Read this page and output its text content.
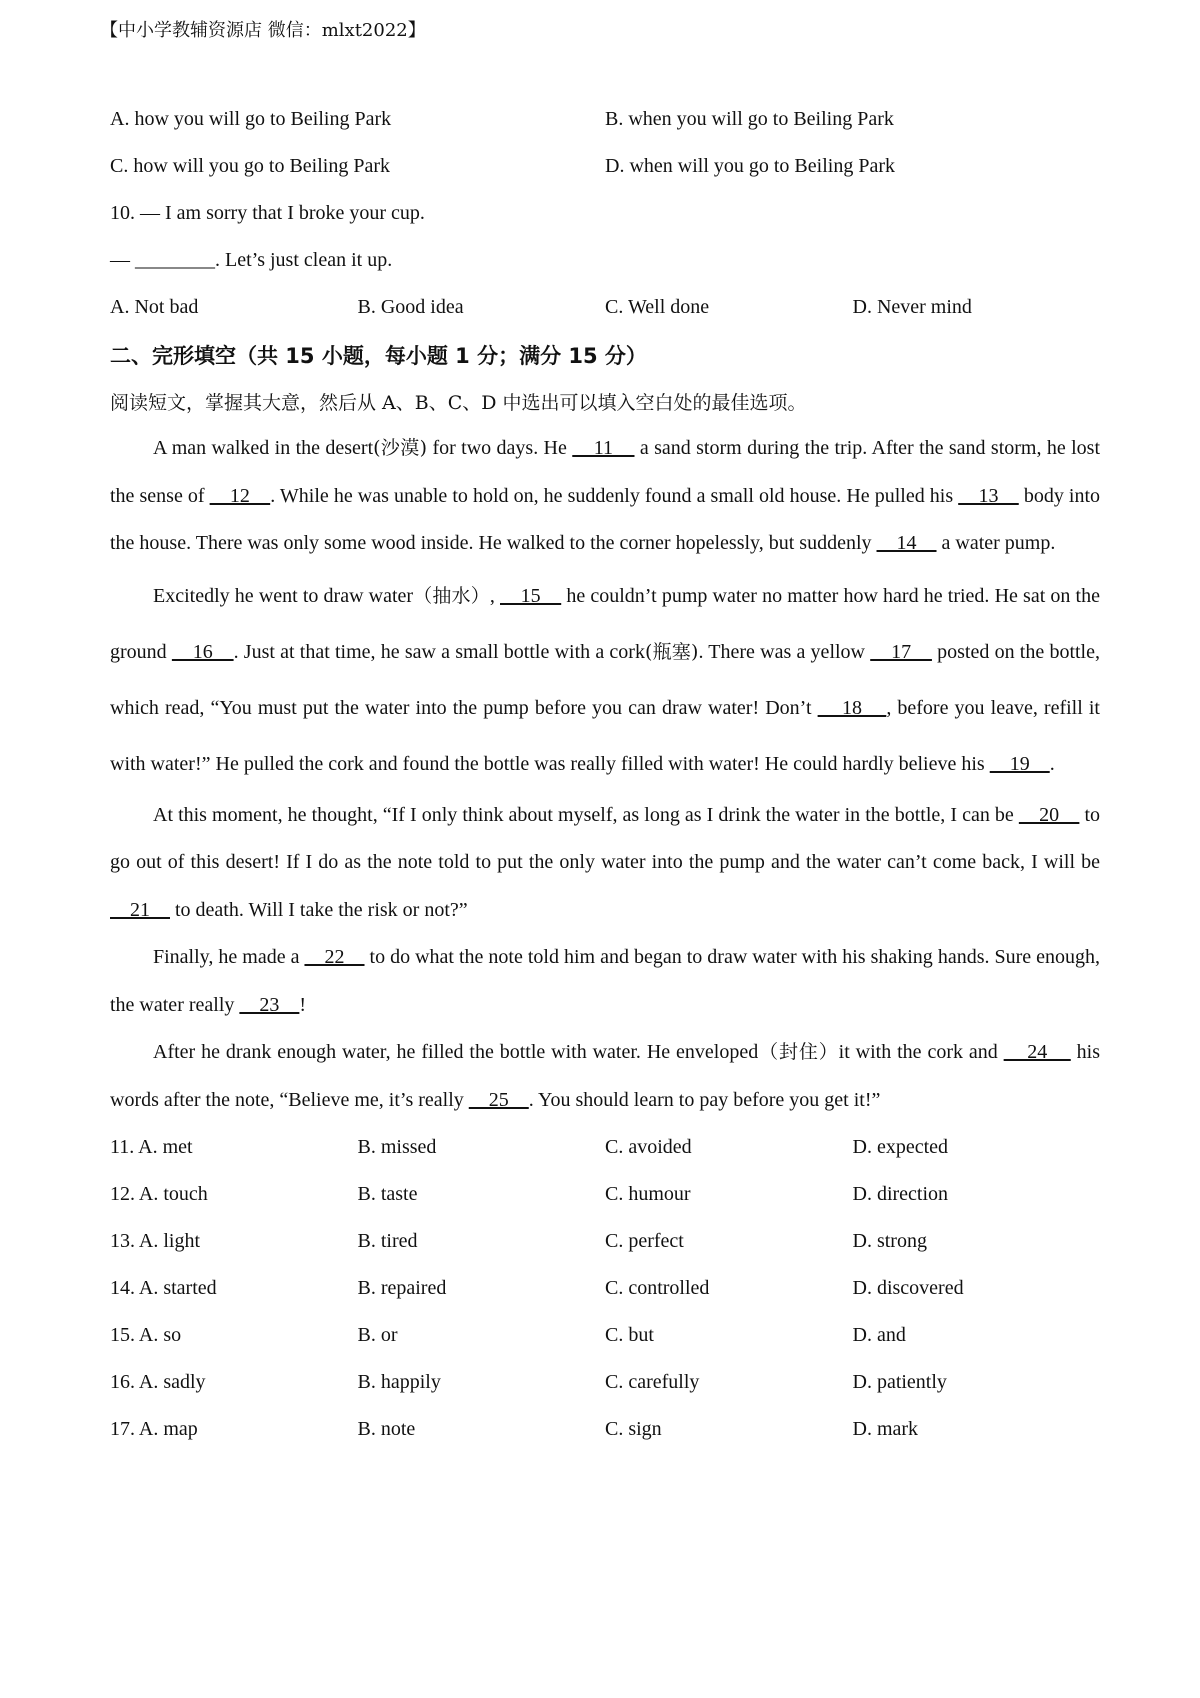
【中小学教辅资源店 微信：mlxt2022】
A. how you will go to Beiling Park	B. when you will go to Beiling Park
C. how will you go to Beiling Park	D. when will you go to Beiling Park
10. — I am sorry that I broke your cup.
— ________. Let’s just clean it up.
A. Not bad	B. Good idea	C. Well done	D. Never mind
二、完形填空（共 15 小题，每小题 1 分；满分 15 分）
阅读短文，掌握其大意，然后从 A、B、C、D 中选出可以填入空白处的最佳选项。

A man walked in the desert(沙漠) for two days. He     11     a sand storm during the trip. After the sand storm, he lost the sense of     12    . While he was unable to hold on, he suddenly found a small old house. He pulled his     13     body into the house. There was only some wood inside. He walked to the corner hopelessly, but suddenly     14     a water pump.

Excitedly he went to draw water（抽水）,     15     he couldn’t pump water no matter how hard he tried. He sat on the ground     16    . Just at that time, he saw a small bottle with a cork(瓶塞). There was a yellow     17     posted on the bottle, which read, “You must put the water into the pump before you can draw water! Don’t     18    , before you leave, refill it with water!” He pulled the cork and found the bottle was really filled with water! He could hardly believe his     19    .

At this moment, he thought, “If I only think about myself, as long as I drink the water in the bottle, I can be     20     to go out of this desert! If I do as the note told to put the only water into the pump and the water can’t come back, I will be     21     to death. Will I take the risk or not?”

Finally, he made a     22     to do what the note told him and began to draw water with his shaking hands. Sure enough, the water really     23    !

After he drank enough water, he filled the bottle with water. He enveloped（封住）it with the cork and     24     his words after the note, “Believe me, it’s really     25    . You should learn to pay before you get it!”

11. A. met	B. missed	C. avoided	D. expected
12. A. touch	B. taste	C. humour	D. direction
13. A. light	B. tired	C. perfect	D. strong
14. A. started	B. repaired	C. controlled	D. discovered
15. A. so	B. or	C. but	D. and
16. A. sadly	B. happily	C. carefully	D. patiently
17. A. map	B. note	C. sign	D. mark
